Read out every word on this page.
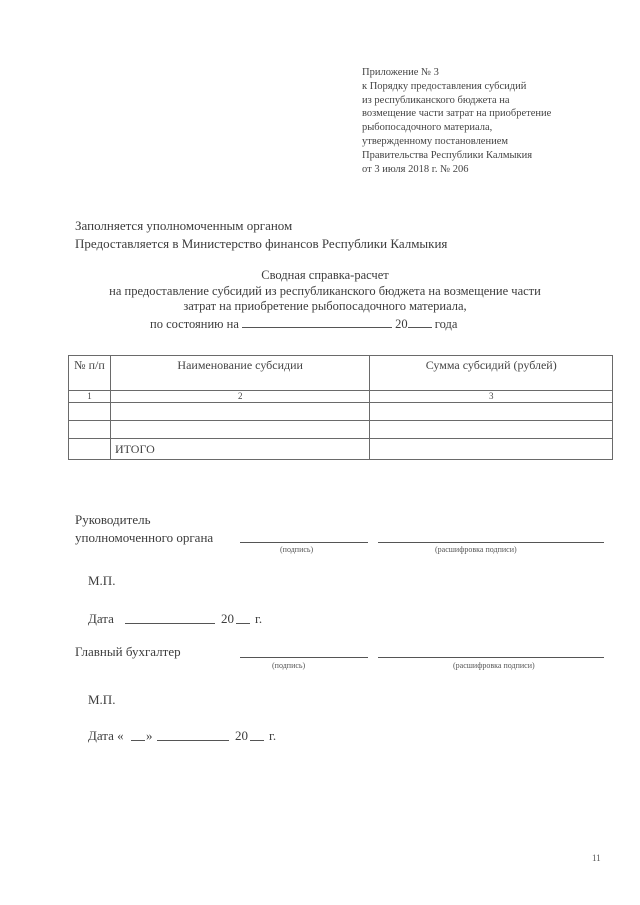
Приложение № 3
к Порядку предоставления субсидий
из республиканского бюджета на
возмещение части затрат на приобретение
рыбопосадочного материала,
утвержденному постановлением
Правительства Республики Калмыкия
от 3 июля 2018 г. № 206
Заполняется уполномоченным органом
Предоставляется в Министерство финансов Республики Калмыкия
Сводная справка-расчет
на предоставление субсидий из республиканского бюджета на возмещение части
затрат на приобретение рыбопосадочного материала,
по состоянию на	20 года
№ п/п	Наименование субсидии	Сумма субсидий (рублей)
1	2	3

	ИТОГО	
Руководитель
уполномоченного органа
(подпись)	(расшифровка подписи)
М.П.
Дата	20 г.
Главный бухгалтер
(подпись)	(расшифровка подписи)
М.П.
Дата « »	20 г.
11
